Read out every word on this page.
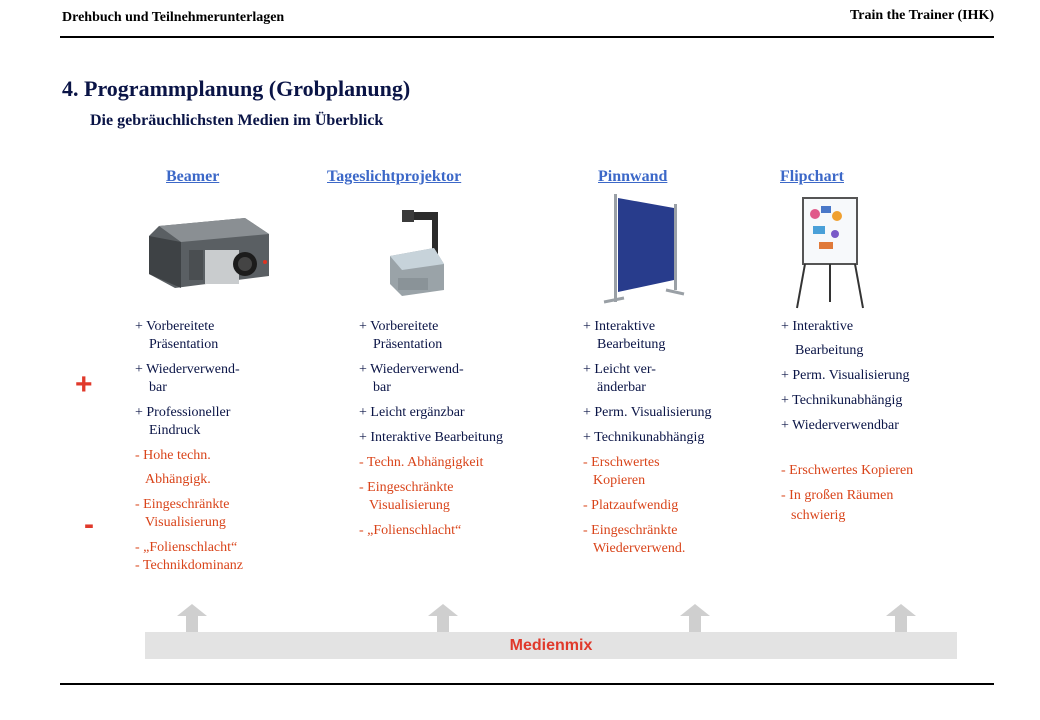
Drehbuch und Teilnehmerunterlagen	Train the Trainer (IHK)
4. Programmplanung (Grobplanung)
Die gebräuchlichsten Medien im Überblick
Beamer	Tageslichtprojektor	Pinnwand	Flipchart
+
-
+ Vorbereitete
Präsentation
+ Wiederverwend-
bar
+ Professioneller
Eindruck
- Hohe techn.
Abhängigk.
- Eingeschränkte
Visualisierung
- „Folienschlacht“
- Technikdominanz
+ Vorbereitete
Präsentation
+ Wiederverwend-
bar
+ Leicht ergänzbar
+ Interaktive Bearbeitung
- Techn. Abhängigkeit
- Eingeschränkte
Visualisierung
- „Folienschlacht“
+ Interaktive
Bearbeitung
+ Leicht ver-
änderbar
+ Perm. Visualisierung
+ Technikunabhängig
- Erschwertes
Kopieren
- Platzaufwendig
- Eingeschränkte
Wiederverwend.
+ Interaktive
Bearbeitung
+ Perm. Visualisierung
+ Technikunabhängig
+ Wiederverwendbar
- Erschwertes Kopieren
- In großen Räumen
schwierig
Medienmix
